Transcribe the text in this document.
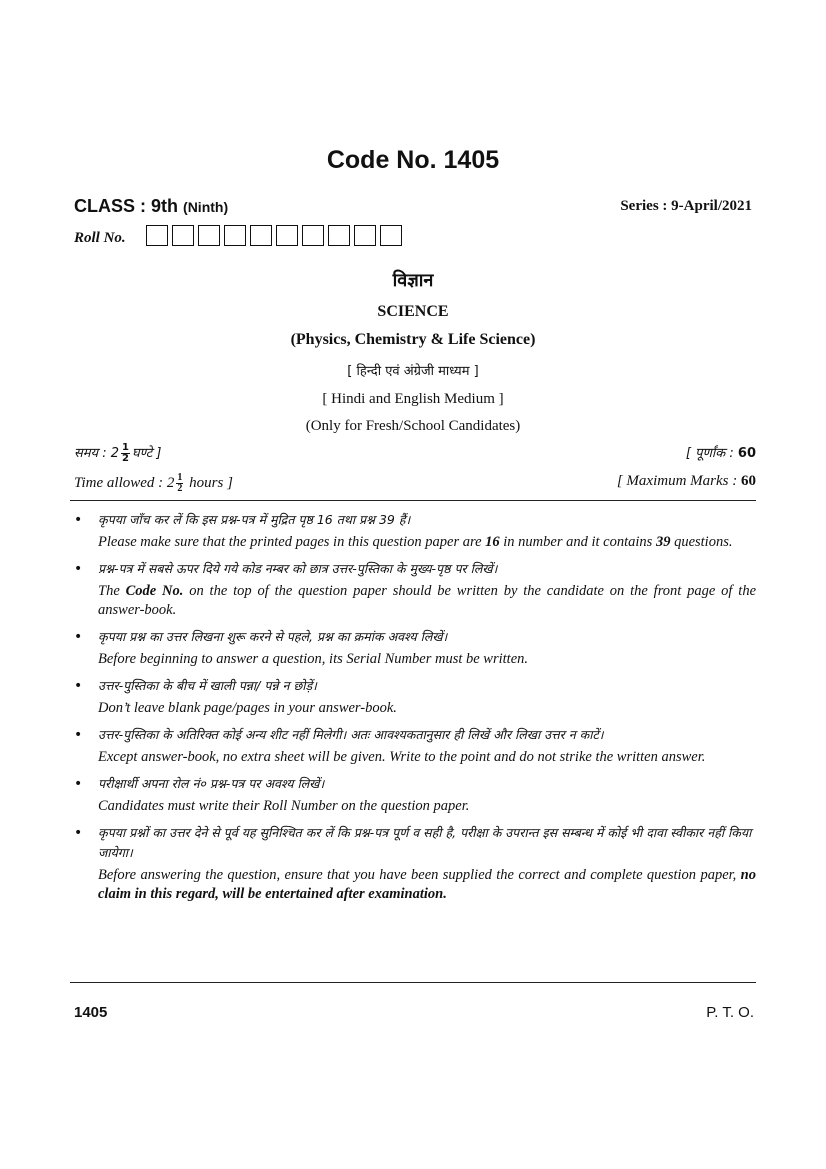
Code No. 1405
CLASS : 9th (Ninth)	Series : 9-April/2021
Roll No.
विज्ञान
SCIENCE
(Physics, Chemistry & Life Science)
[ हिन्दी एवं अंग्रेजी माध्यम ]
[ Hindi and English Medium ]
(Only for Fresh/School Candidates)
समय : $2 \frac{1}{2}$ घण्टे ]	[ पूर्णांक : 60
Time allowed : $2 \frac{1}{2}$ hours ]	[ Maximum Marks : 60
• कृपया जाँच कर लें कि इस प्रश्न-पत्र में मुद्रित पृष्ठ 16 तथा प्रश्न 39 हैं।
Please make sure that the printed pages in this question paper are 16 in number and it contains 39 questions.
• प्रश्न-पत्र में सबसे ऊपर दिये गये कोड नम्बर को छात्र उत्तर-पुस्तिका के मुख्य-पृष्ठ पर लिखें।
The Code No. on the top of the question paper should be written by the candidate on the front page of the answer-book.
• कृपया प्रश्न का उत्तर लिखना शुरू करने से पहले, प्रश्न का क्रमांक अवश्य लिखें।
Before beginning to answer a question, its Serial Number must be written.
• उत्तर-पुस्तिका के बीच में खाली पन्ना/ पन्ने न छोड़ें।
Don’t leave blank page/pages in your answer-book.
• उत्तर-पुस्तिका के अतिरिक्त कोई अन्य शीट नहीं मिलेगी। अतः आवश्यकतानुसार ही लिखें और लिखा उत्तर न काटें।
Except answer-book, no extra sheet will be given. Write to the point and do not strike the written answer.
• परीक्षार्थी अपना रोल नं० प्रश्न-पत्र पर अवश्य लिखें।
Candidates must write their Roll Number on the question paper.
• कृपया प्रश्नों का उत्तर देने से पूर्व यह सुनिश्चित कर लें कि प्रश्न-पत्र पूर्ण व सही है, परीक्षा के उपरान्त इस सम्बन्ध में कोई भी दावा स्वीकार नहीं किया जायेगा।
Before answering the question, ensure that you have been supplied the correct and complete question paper, no claim in this regard, will be entertained after examination.
1405	P. T. O.
